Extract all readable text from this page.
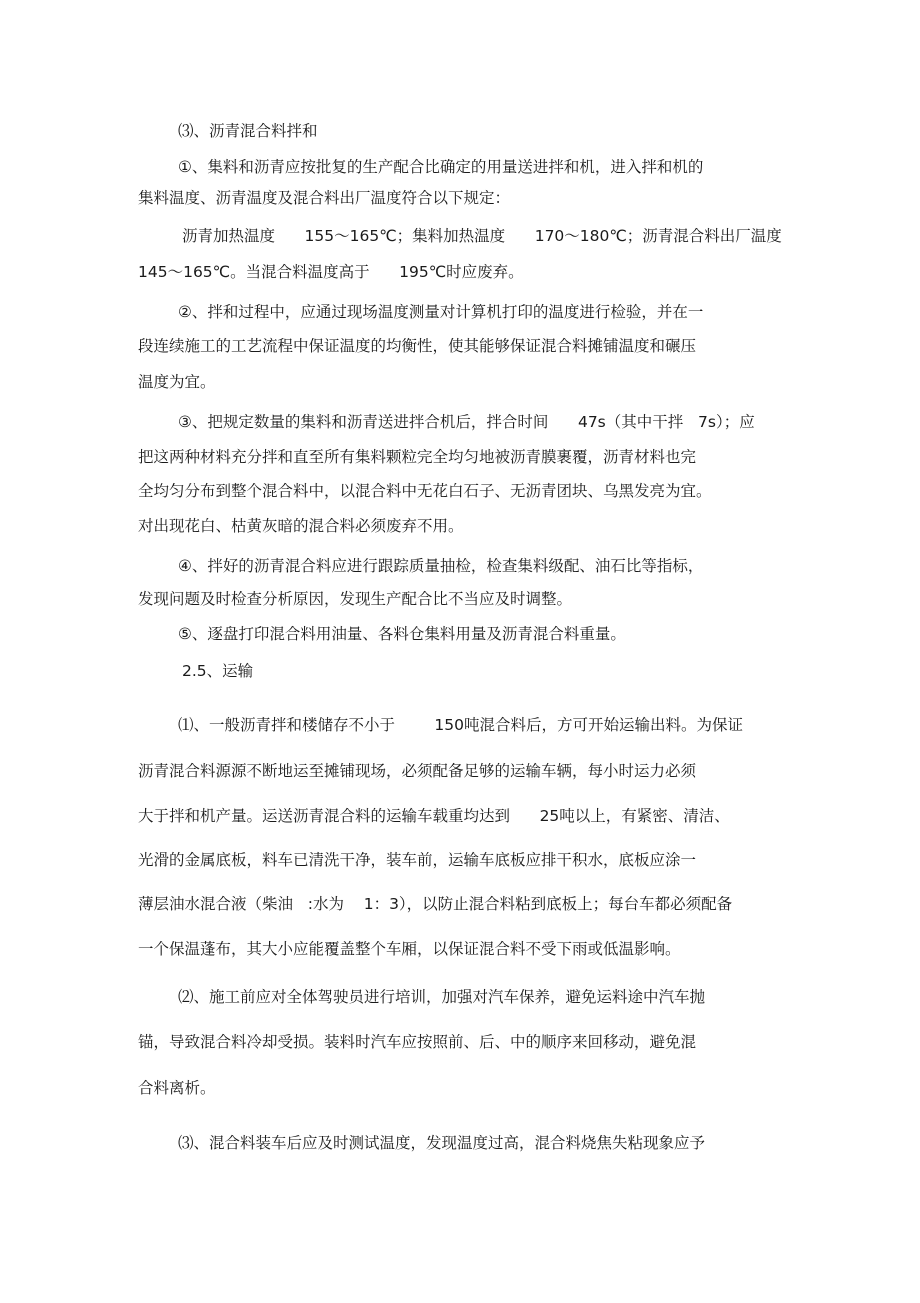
⑶、沥青混合料拌和

①、集料和沥青应按批复的生产配合比确定的用量送进拌和机，进入拌和机的

集料温度、沥青温度及混合料出厂温度符合以下规定：

沥青加热温度      155～165℃；集料加热温度      170～180℃；沥青混合料出厂温度

145～165℃。当混合料温度高于      195℃时应废弃。

②、拌和过程中，应通过现场温度测量对计算机打印的温度进行检验，并在一

段连续施工的工艺流程中保证温度的均衡性，使其能够保证混合料摊铺温度和碾压

温度为宜。

③、把规定数量的集料和沥青送进拌合机后，拌合时间      47s（其中干拌   7s）；应

把这两种材料充分拌和直至所有集料颗粒完全均匀地被沥青膜裹覆，沥青材料也完

全均匀分布到整个混合料中，以混合料中无花白石子、无沥青团块、乌黑发亮为宜。

对出现花白、枯黄灰暗的混合料必须废弃不用。

④、拌好的沥青混合料应进行跟踪质量抽检，检查集料级配、油石比等指标，

发现问题及时检查分析原因，发现生产配合比不当应及时调整。

⑤、逐盘打印混合料用油量、各料仓集料用量及沥青混合料重量。

2.5、运输

⑴、一般沥青拌和楼储存不小于        150吨混合料后，方可开始运输出料。为保证

沥青混合料源源不断地运至摊铺现场，必须配备足够的运输车辆，每小时运力必须

大于拌和机产量。运送沥青混合料的运输车载重均达到      25吨以上，有紧密、清洁、

光滑的金属底板，料车已清洗干净，装车前，运输车底板应排干积水，底板应涂一

薄层油水混合液（柴油   :水为    1：3），以防止混合料粘到底板上；每台车都必须配备

一个保温蓬布，其大小应能覆盖整个车厢，以保证混合料不受下雨或低温影响。

⑵、施工前应对全体驾驶员进行培训，加强对汽车保养，避免运料途中汽车抛

锚，导致混合料冷却受损。装料时汽车应按照前、后、中的顺序来回移动，避免混

合料离析。

⑶、混合料装车后应及时测试温度，发现温度过高，混合料烧焦失粘现象应予
